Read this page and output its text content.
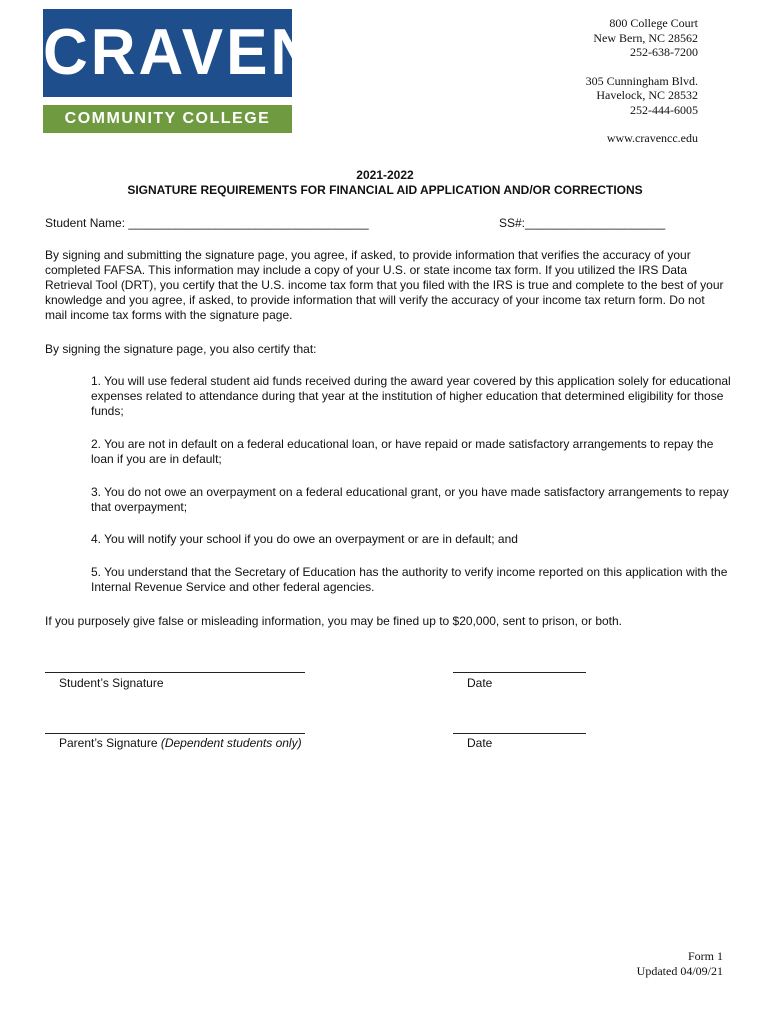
CRAVEN
COMMUNITY COLLEGE
800 College Court
New Bern, NC 28562
252-638-7200
305 Cunningham Blvd.
Havelock, NC 28532
252-444-6005
www.cravencc.edu
2021-2022
SIGNATURE REQUIREMENTS FOR FINANCIAL AID APPLICATION AND/OR CORRECTIONS
Student Name: ____________________________________	SS#:_____________________
By signing and submitting the signature page, you agree, if asked, to provide information that verifies the accuracy of your completed FAFSA. This information may include a copy of your U.S. or state income tax form. If you utilized the IRS Data Retrieval Tool (DRT), you certify that the U.S. income tax form that you filed with the IRS is true and complete to the best of your knowledge and you agree, if asked, to provide information that will verify the accuracy of your income tax return form. Do not mail income tax forms with the signature page.
By signing the signature page, you also certify that:
1. You will use federal student aid funds received during the award year covered by this application solely for educational expenses related to attendance during that year at the institution of higher education that determined eligibility for those funds;
2. You are not in default on a federal educational loan, or have repaid or made satisfactory arrangements to repay the loan if you are in default;
3. You do not owe an overpayment on a federal educational grant, or you have made satisfactory arrangements to repay that overpayment;
4. You will notify your school if you do owe an overpayment or are in default; and
5. You understand that the Secretary of Education has the authority to verify income reported on this application with the Internal Revenue Service and other federal agencies.
If you purposely give false or misleading information, you may be fined up to $20,000, sent to prison, or both.
Student’s Signature	Date
Parent’s Signature (Dependent students only)	Date
Form 1
Updated 04/09/21
